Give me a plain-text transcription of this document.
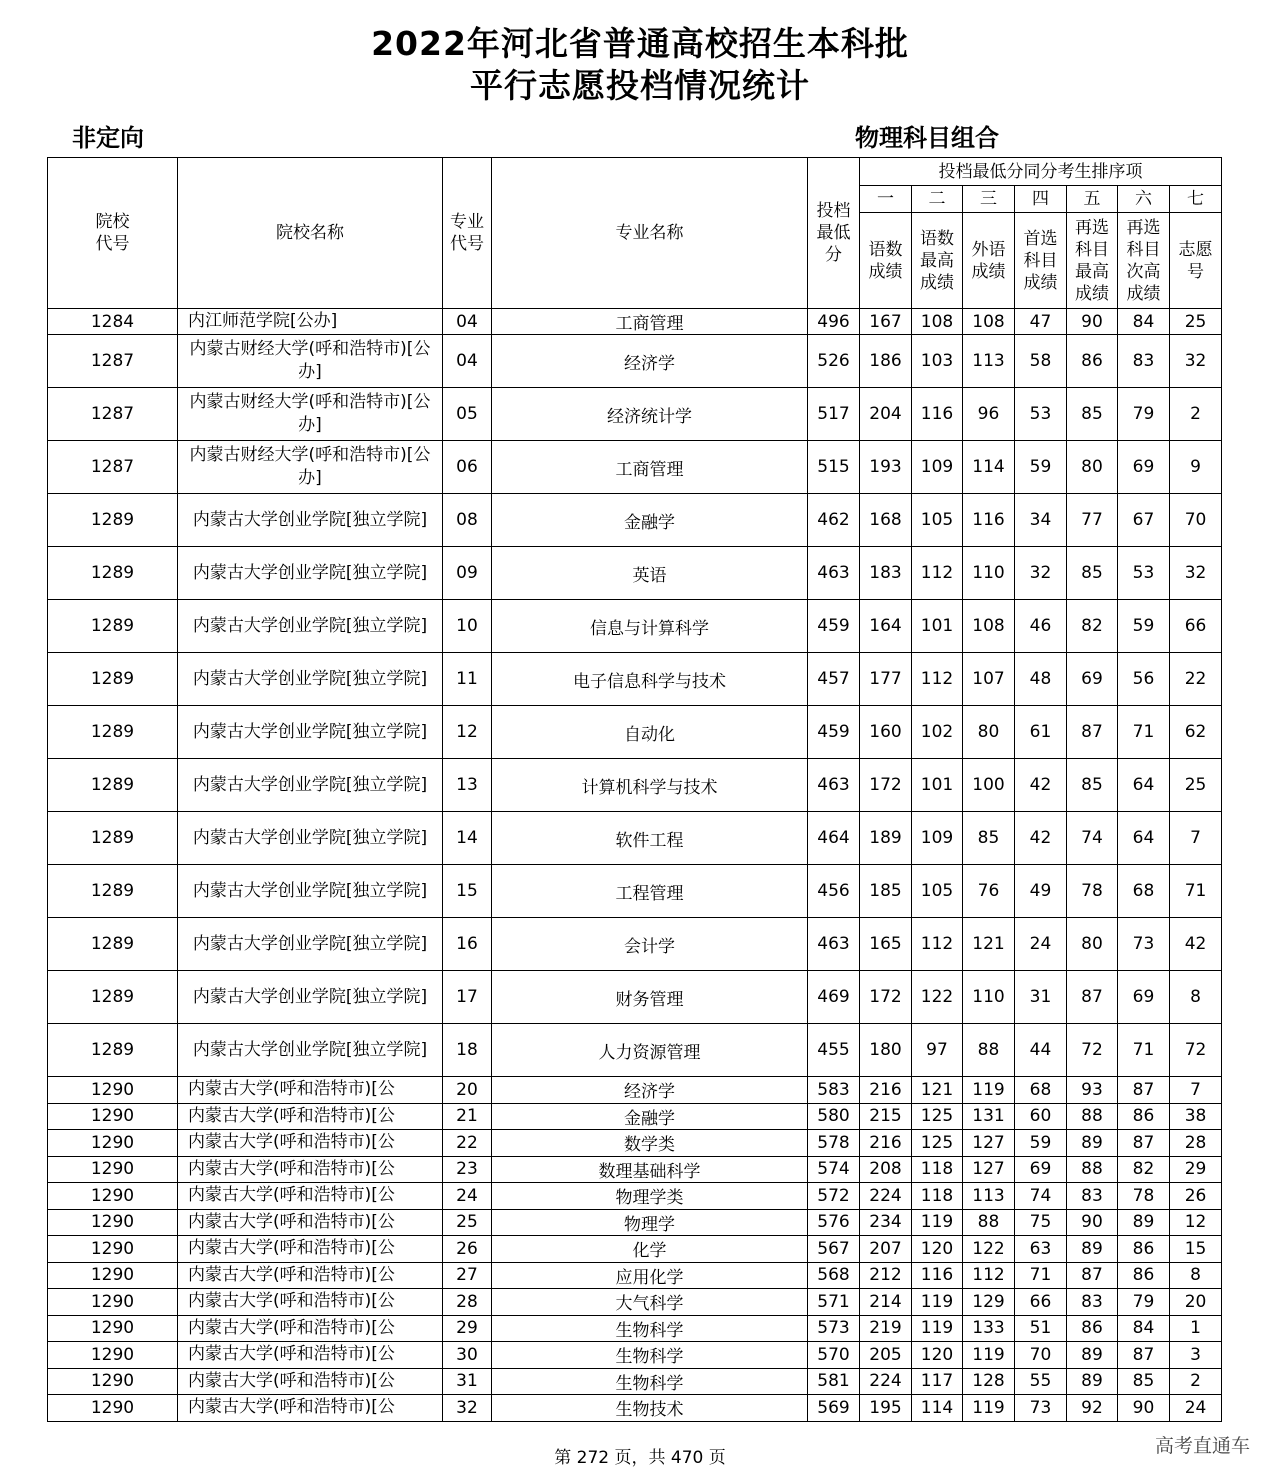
2022年河北省普通高校招生本科批
平行志愿投档情况统计
非定向	物理科目组合
院校代号	院校名称	专业代号	专业名称	投档最低分	投档最低分同分考生排序项						
					一	二	三	四	五	六	七
					语数成绩	语数最高成绩	外语成绩	首选科目成绩	再选科目最高成绩	再选科目次高成绩	志愿号
1284	内江师范学院[公办]	04	工商管理	496	167	108	108	47	90	84	25
1287	内蒙古财经大学(呼和浩特市)[公办]	04	经济学	526	186	103	113	58	86	83	32
1287	内蒙古财经大学(呼和浩特市)[公办]	05	经济统计学	517	204	116	96	53	85	79	2
1287	内蒙古财经大学(呼和浩特市)[公办]	06	工商管理	515	193	109	114	59	80	69	9
1289	内蒙古大学创业学院[独立学院]	08	金融学	462	168	105	116	34	77	67	70
1289	内蒙古大学创业学院[独立学院]	09	英语	463	183	112	110	32	85	53	32
1289	内蒙古大学创业学院[独立学院]	10	信息与计算科学	459	164	101	108	46	82	59	66
1289	内蒙古大学创业学院[独立学院]	11	电子信息科学与技术	457	177	112	107	48	69	56	22
1289	内蒙古大学创业学院[独立学院]	12	自动化	459	160	102	80	61	87	71	62
1289	内蒙古大学创业学院[独立学院]	13	计算机科学与技术	463	172	101	100	42	85	64	25
1289	内蒙古大学创业学院[独立学院]	14	软件工程	464	189	109	85	42	74	64	7
1289	内蒙古大学创业学院[独立学院]	15	工程管理	456	185	105	76	49	78	68	71
1289	内蒙古大学创业学院[独立学院]	16	会计学	463	165	112	121	24	80	73	42
1289	内蒙古大学创业学院[独立学院]	17	财务管理	469	172	122	110	31	87	69	8
1289	内蒙古大学创业学院[独立学院]	18	人力资源管理	455	180	97	88	44	72	71	72
1290	内蒙古大学(呼和浩特市)[公	20	经济学	583	216	121	119	68	93	87	7
1290	内蒙古大学(呼和浩特市)[公	21	金融学	580	215	125	131	60	88	86	38
1290	内蒙古大学(呼和浩特市)[公	22	数学类	578	216	125	127	59	89	87	28
1290	内蒙古大学(呼和浩特市)[公	23	数理基础科学	574	208	118	127	69	88	82	29
1290	内蒙古大学(呼和浩特市)[公	24	物理学类	572	224	118	113	74	83	78	26
1290	内蒙古大学(呼和浩特市)[公	25	物理学	576	234	119	88	75	90	89	12
1290	内蒙古大学(呼和浩特市)[公	26	化学	567	207	120	122	63	89	86	15
1290	内蒙古大学(呼和浩特市)[公	27	应用化学	568	212	116	112	71	87	86	8
1290	内蒙古大学(呼和浩特市)[公	28	大气科学	571	214	119	129	66	83	79	20
1290	内蒙古大学(呼和浩特市)[公	29	生物科学	573	219	119	133	51	86	84	1
1290	内蒙古大学(呼和浩特市)[公	30	生物科学	570	205	120	119	70	89	87	3
1290	内蒙古大学(呼和浩特市)[公	31	生物科学	581	224	117	128	55	89	85	2
1290	内蒙古大学(呼和浩特市)[公	32	生物技术	569	195	114	119	73	92	90	24
第 272 页，共 470 页
高考直通车
